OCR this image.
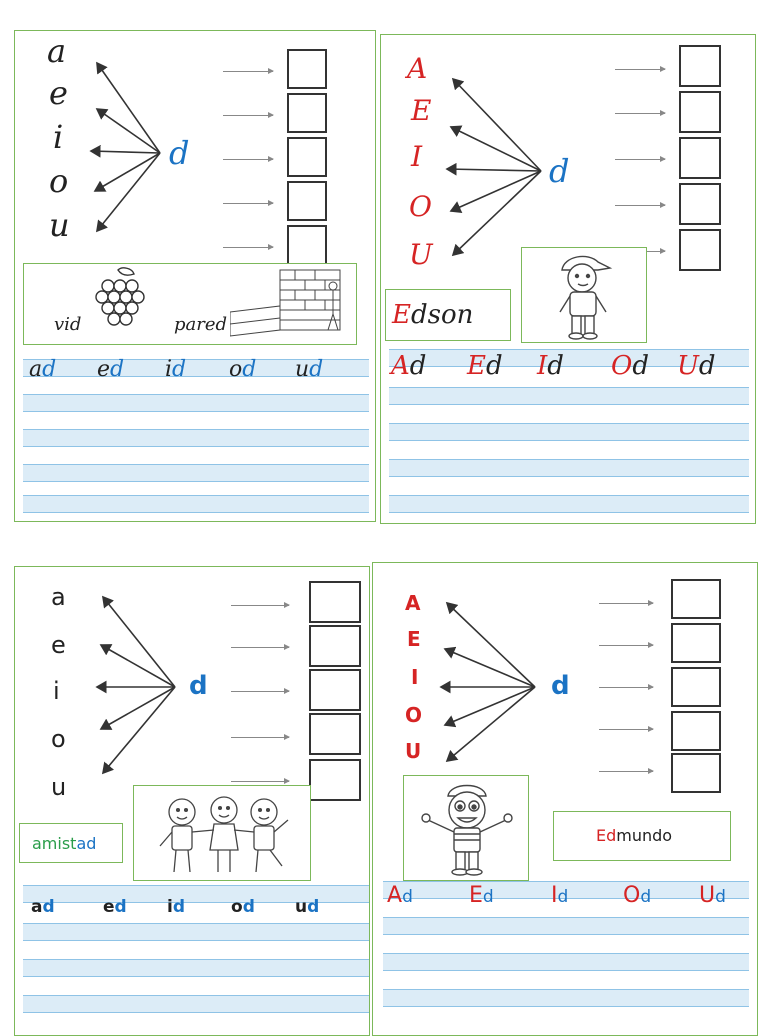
a
e
i
o
u
d
vid	pared
ad ed id od ud
A
E
I
O
U
d
Edson
Ad Ed Id Od Ud
a
e
i
o
u
d
amistad
ad	ed id	od ud
A
E
I
O
U
d
Edmundo
Ad	Ed	Id Od Ud
